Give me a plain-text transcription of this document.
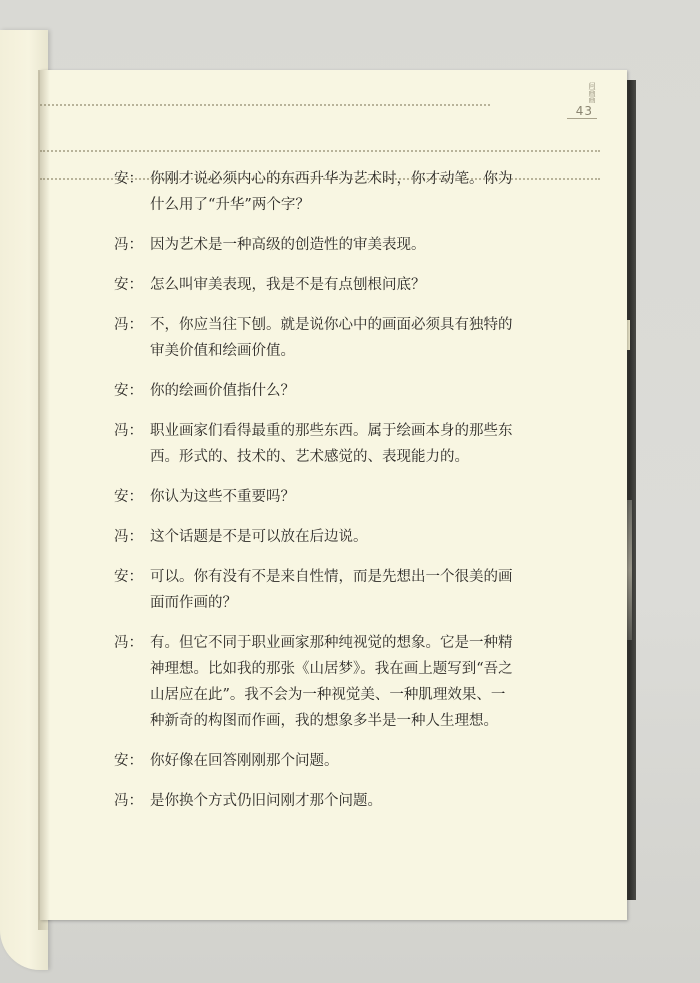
问画画
43
安： 你刚才说必须内心的东西升华为艺术时，你才动笔。你为什么用了“升华”两个字？
冯： 因为艺术是一种高级的创造性的审美表现。
安： 怎么叫审美表现，我是不是有点刨根问底？
冯： 不，你应当往下刨。就是说你心中的画面必须具有独特的审美价值和绘画价值。
安： 你的绘画价值指什么？
冯： 职业画家们看得最重的那些东西。属于绘画本身的那些东西。形式的、技术的、艺术感觉的、表现能力的。
安： 你认为这些不重要吗？
冯： 这个话题是不是可以放在后边说。
安： 可以。你有没有不是来自性情，而是先想出一个很美的画面而作画的？
冯： 有。但它不同于职业画家那种纯视觉的想象。它是一种精神理想。比如我的那张《山居梦》。我在画上题写到“吾之山居应在此”。我不会为一种视觉美、一种肌理效果、一种新奇的构图而作画，我的想象多半是一种人生理想。
安： 你好像在回答刚刚那个问题。
冯： 是你换个方式仍旧问刚才那个问题。
